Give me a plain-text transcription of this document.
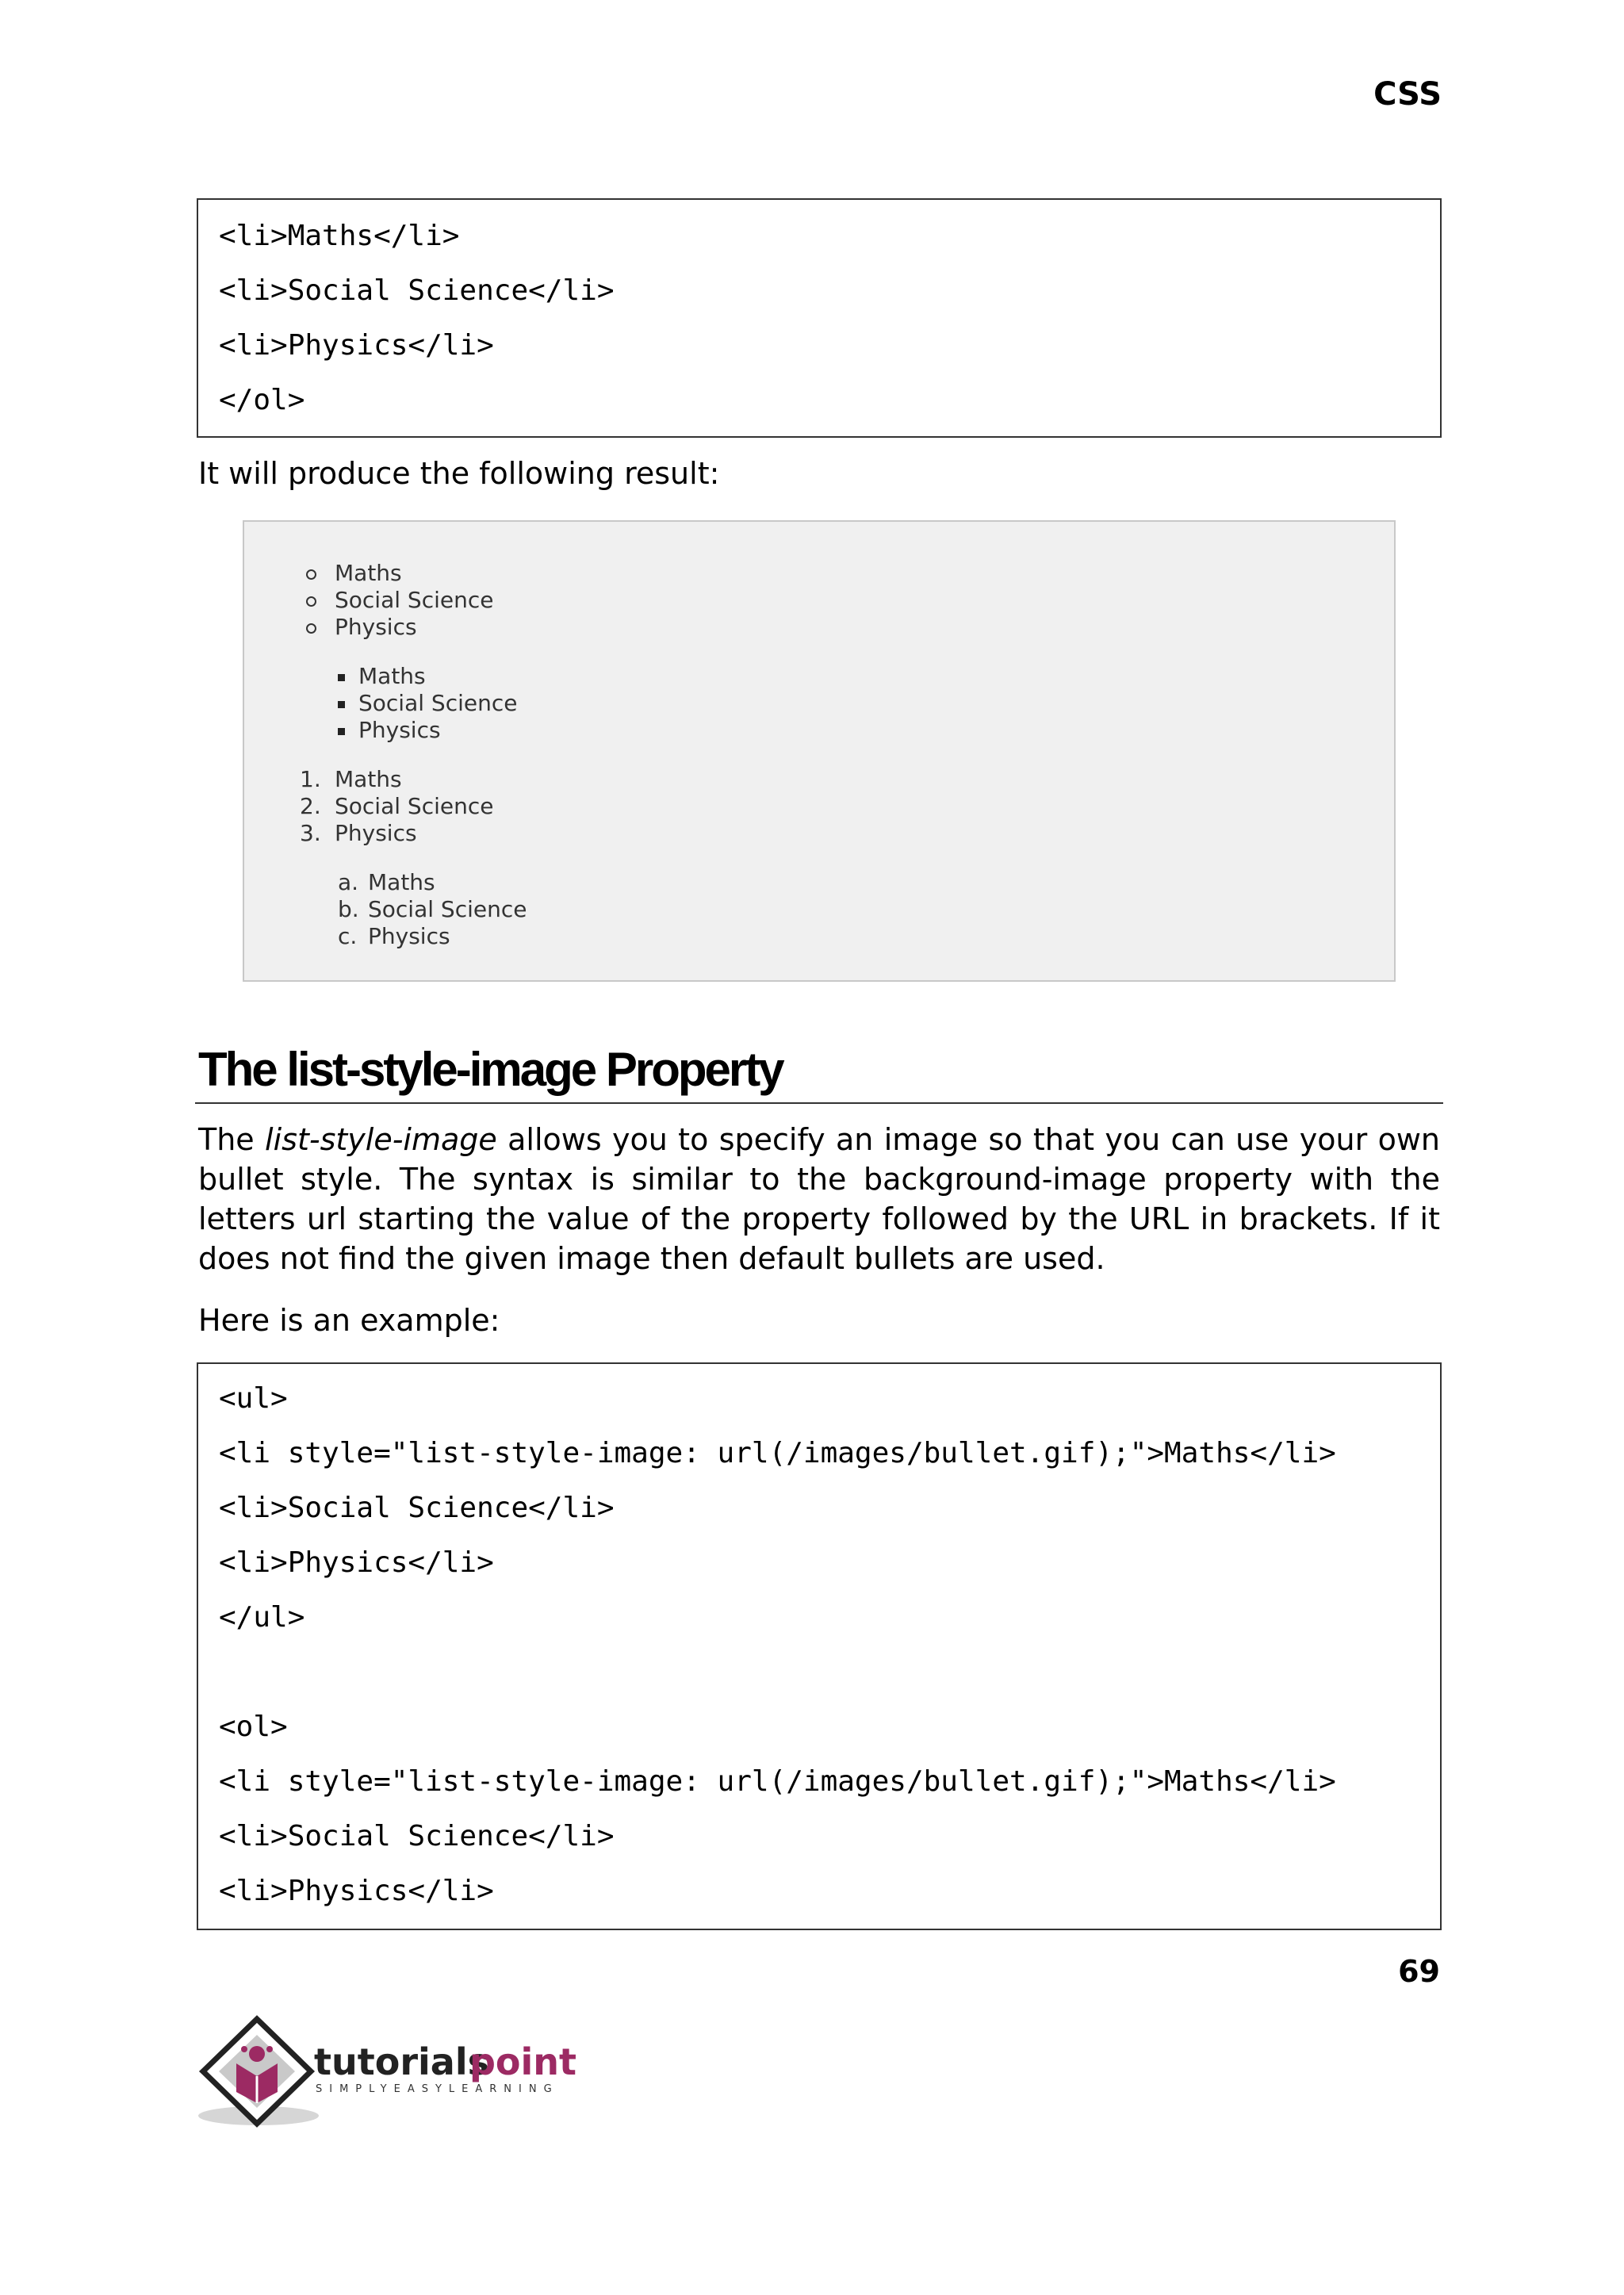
CSS
<li>Maths</li>
<li>Social Science</li>
<li>Physics</li>
</ol>
It will produce the following result:
Maths
Social Science
Physics
Maths
Social Science
Physics
1. Maths
2. Social Science
3. Physics
a. Maths
b. Social Science
c. Physics
The list-style-image Property
The list-style-image allows you to specify an image so that you can use your own bullet style. The syntax is similar to the background-image property with the letters url starting the value of the property followed by the URL in brackets. If it does not find the given image then default bullets are used.
Here is an example:
<ul>
<li style="list-style-image: url(/images/bullet.gif);">Maths</li>
<li>Social Science</li>
<li>Physics</li>
</ul>
<ol>
<li style="list-style-image: url(/images/bullet.gif);">Maths</li>
<li>Social Science</li>
<li>Physics</li>
69
tutorials
point
SIMPLYEASYLEARNING
